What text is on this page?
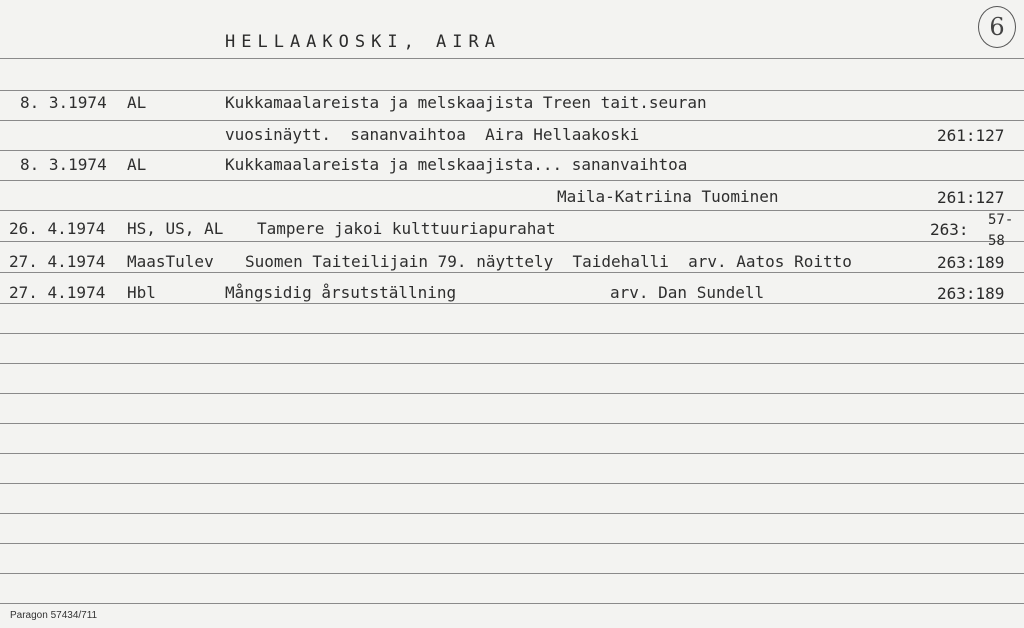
HELLAAKOSKI, AIRA
6
8. 3.1974 AL	Kukkamaalareista ja melskaajista Treen tait.seuran
vuosinäytt.  sananvaihtoa  Aira Hellaakoski	261:127
8. 3.1974 AL	Kukkamaalareista ja melskaajista... sananvaihtoa
Maila-Katriina Tuominen	261:127
26. 4.1974 HS, US, AL Tampere jakoi kulttuuriapurahat	263: 57-
58
27. 4.1974 MaasTulev Suomen Taiteilijain 79. näyttely  Taidehalli  arv. Aatos Roitto	263:189
27. 4.1974 Hbl	Mångsidig årsutställning	arv. Dan Sundell	263:189
Paragon 57434/711
